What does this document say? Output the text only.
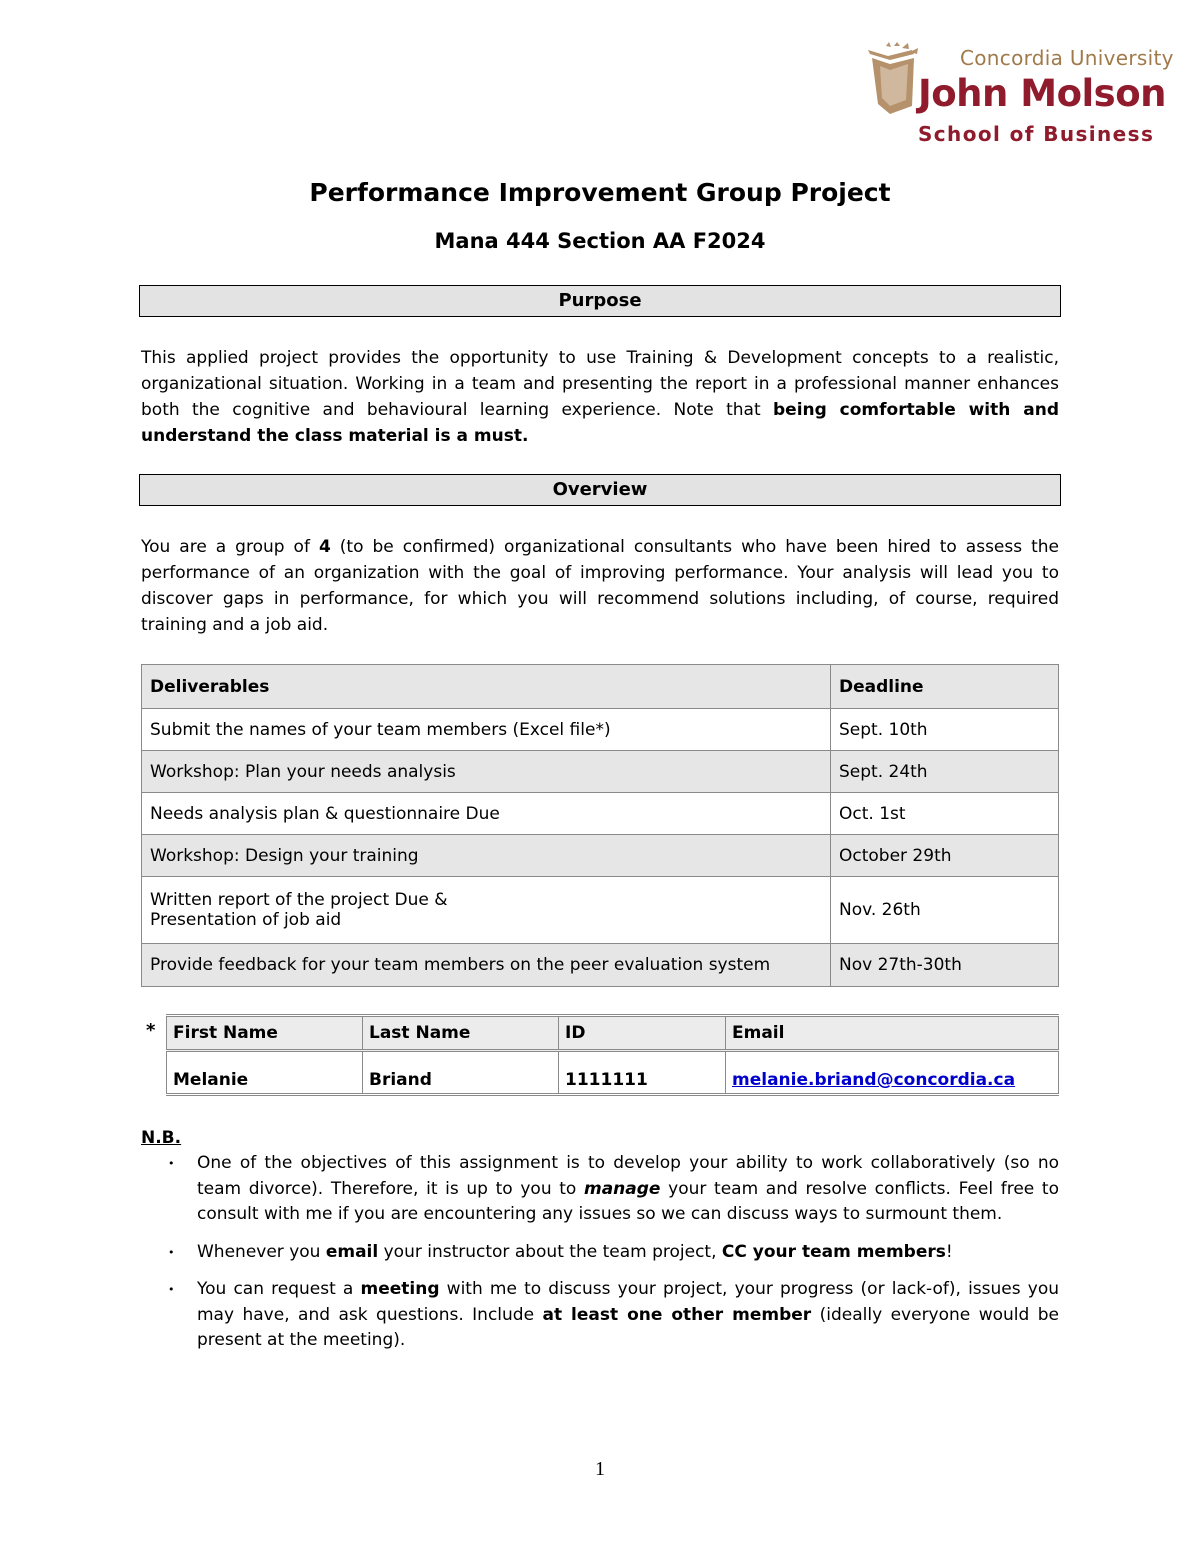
Concordia University
John Molson
School of Business
Performance Improvement Group Project
Mana 444 Section AA F2024
Purpose

This applied project provides the opportunity to use Training & Development concepts to a realistic, organizational situation. Working in a team and presenting the report in a professional manner enhances both the cognitive and behavioural learning experience. Note that being comfortable with and understand the class material is a must.

Overview

You are a group of 4 (to be confirmed) organizational consultants who have been hired to assess the performance of an organization with the goal of improving performance. Your analysis will lead you to discover gaps in performance, for which you will recommend solutions including, of course, required training and a job aid.

Deliverables	Deadline
Submit the names of your team members (Excel file*)	Sept. 10th
Workshop: Plan your needs analysis	Sept. 24th
Needs analysis plan & questionnaire Due	Oct. 1st
Workshop: Design your training	October 29th

Written report of the project Due &
Presentation of job aid	Nov. 26th
Provide feedback for your team members on the peer evaluation system	Nov 27th-30th
* First Name	Last Name	ID	Email
Melanie	Briand	1111111	melanie.briand@concordia.ca
N.B.
• One of the objectives of this assignment is to develop your ability to work collaboratively (so no team divorce). Therefore, it is up to you to manage your team and resolve conflicts. Feel free to consult with me if you are encountering any issues so we can discuss ways to surmount them.
• Whenever you email your instructor about the team project, CC your team members!
• You can request a meeting with me to discuss your project, your progress (or lack-of), issues you may have, and ask questions. Include at least one other member (ideally everyone would be present at the meeting).
1
